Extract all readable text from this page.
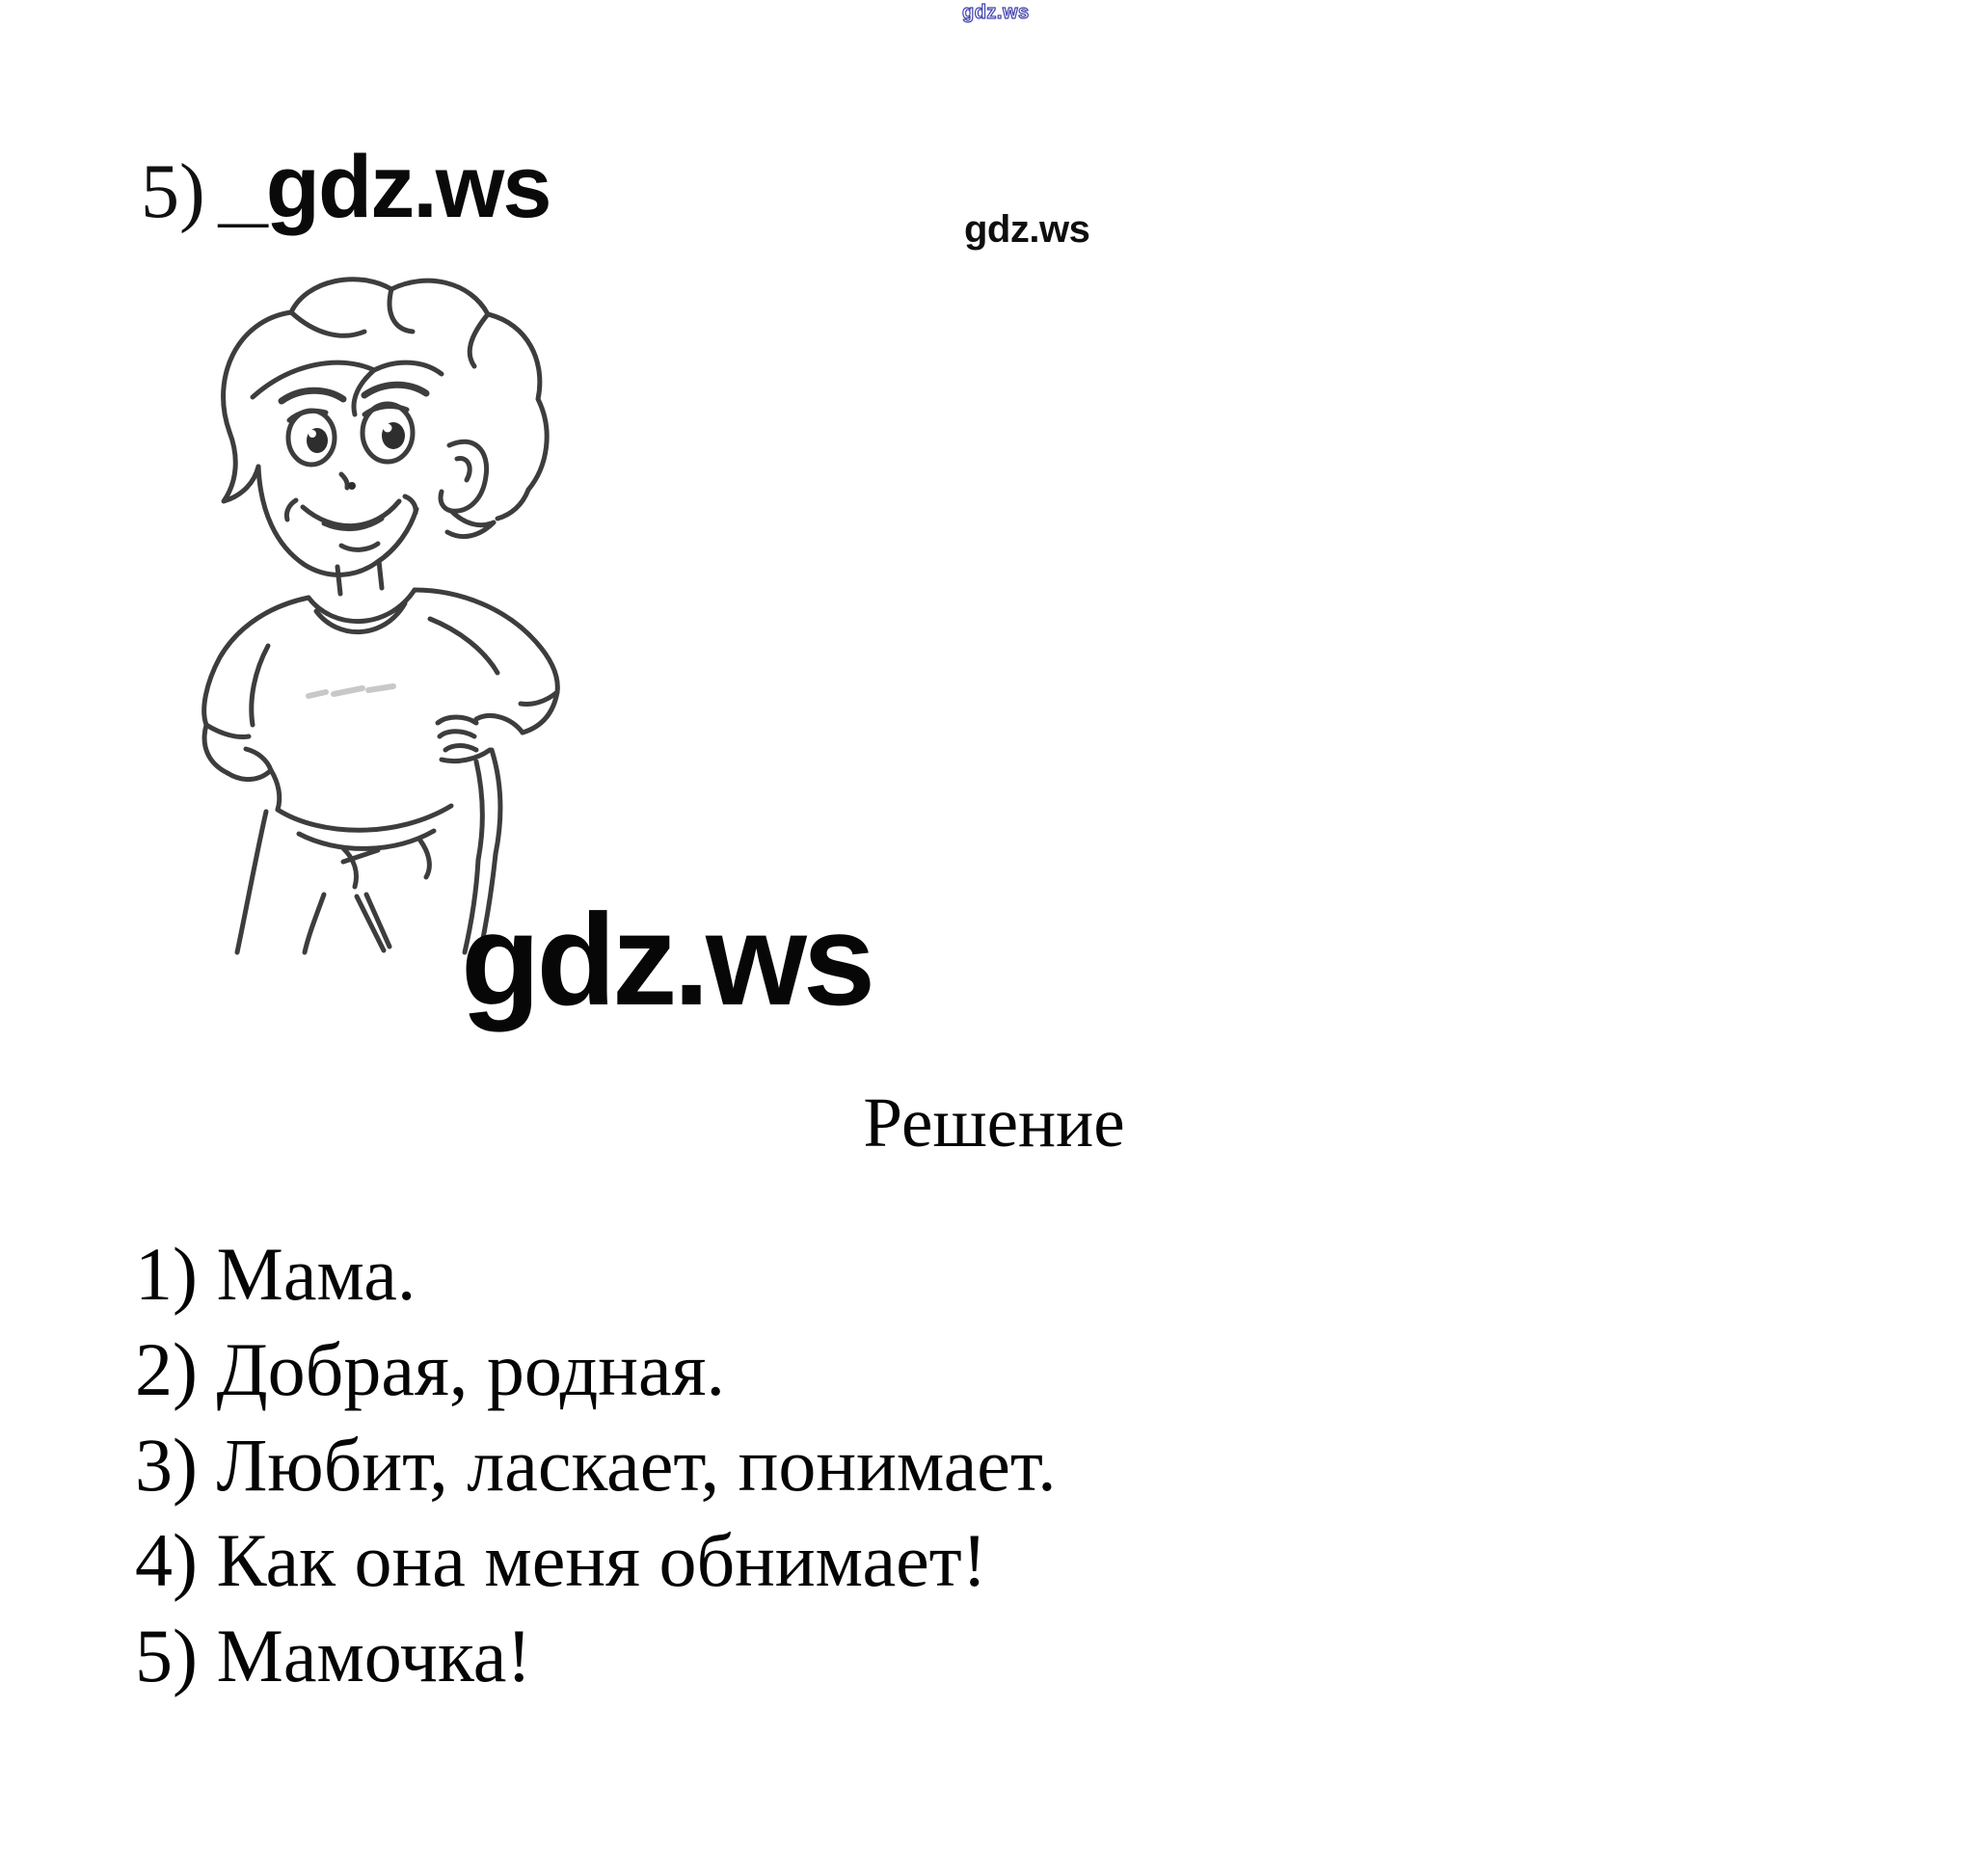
gdz.ws
5) _gdz.ws	gdz.ws
gdz.ws
Решение
1) Мама.
2) Добрая, родная.
3) Любит, ласкает, понимает.
4) Как она меня обнимает!
5) Мамочка!
